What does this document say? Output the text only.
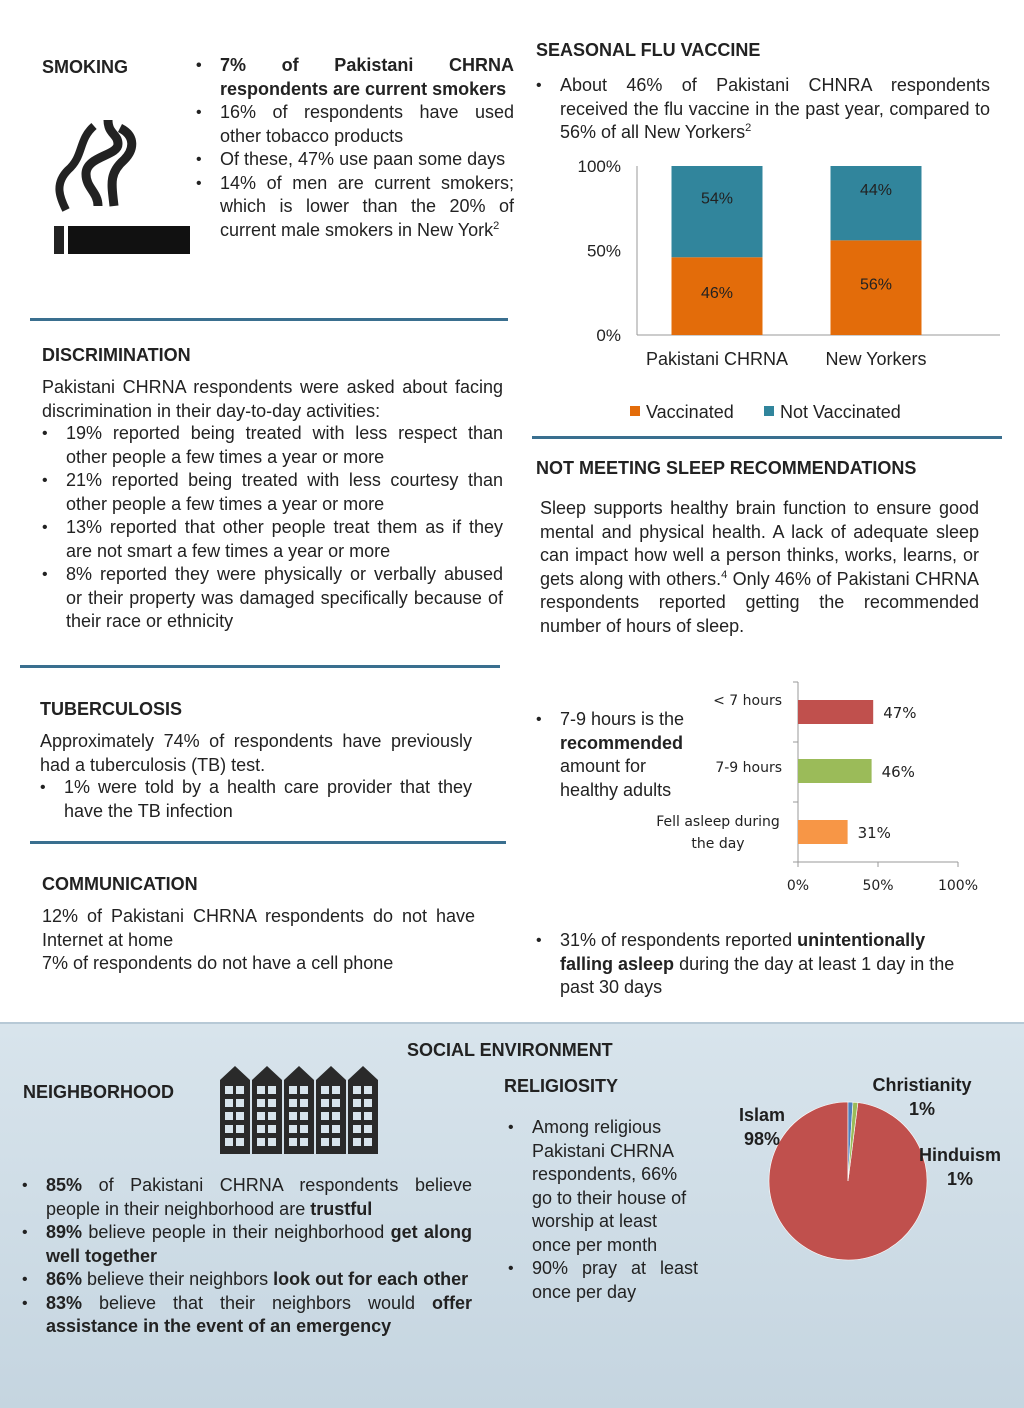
SMOKING
•	7% of Pakistani CHRNA respondents are current smokers
• 16% of respondents have used other tobacco products
• Of these, 47% use paan some days
• 14% of men are current smokers; which is lower than the 20% of current male smokers in New York$^2$
DISCRIMINATION
Pakistani CHRNA respondents were asked about facing discrimination in their day-to-day activities:
• 19% reported being treated with less respect than other people a few times a year or more
• 21% reported being treated with less courtesy than other people a few times a year or more
• 13% reported that other people treat them as if they are not smart a few times a year or more
• 8% reported they were physically or verbally abused or their property was damaged specifically because of their race or ethnicity
TUBERCULOSIS
Approximately 74% of respondents have previously had a tuberculosis (TB) test.
• 1% were told by a health care provider that they have the TB infection
COMMUNICATION
12% of Pakistani CHRNA respondents do not have Internet at home
7% of respondents do not have a cell phone
SEASONAL FLU VACCINE
• About 46% of Pakistani CHNRA respondents received the flu vaccine in the past year, compared to 56% of all New Yorkers$^2$
100%
50%
0%
46%
54%
Pakistani CHRNA
56%
44%
New Yorkers
Vaccinated	Not Vaccinated
NOT MEETING SLEEP RECOMMENDATIONS
Sleep supports healthy brain function to ensure good mental and physical health. A lack of adequate sleep can impact how well a person thinks, works, learns, or gets along with others.$^4$ Only 46% of Pakistani CHRNA respondents reported getting the recommended number of hours of sleep.
• 7-9 hours is the recommended amount for healthy adults
47%
< 7 hours
46%
7-9 hours
31%
Fell asleep during
the day
0%	50%	100%
• 31% of respondents reported unintentionally falling asleep during the day at least 1 day in the past 30 days
SOCIAL ENVIRONMENT
NEIGHBORHOOD
• 85% of Pakistani CHRNA respondents believe people in their neighborhood are trustful
• 89% believe people in their neighborhood get along well together
• 86% believe their neighbors look out for each other
• 83% believe that their neighbors would offer assistance in the event of an emergency
RELIGIOSITY
• Among religious Pakistani CHRNA respondents, 66% go to their house of worship at least once per month
• 90% pray at least once per day
Islam
98%
Christianity
1%
Hinduism
1%
